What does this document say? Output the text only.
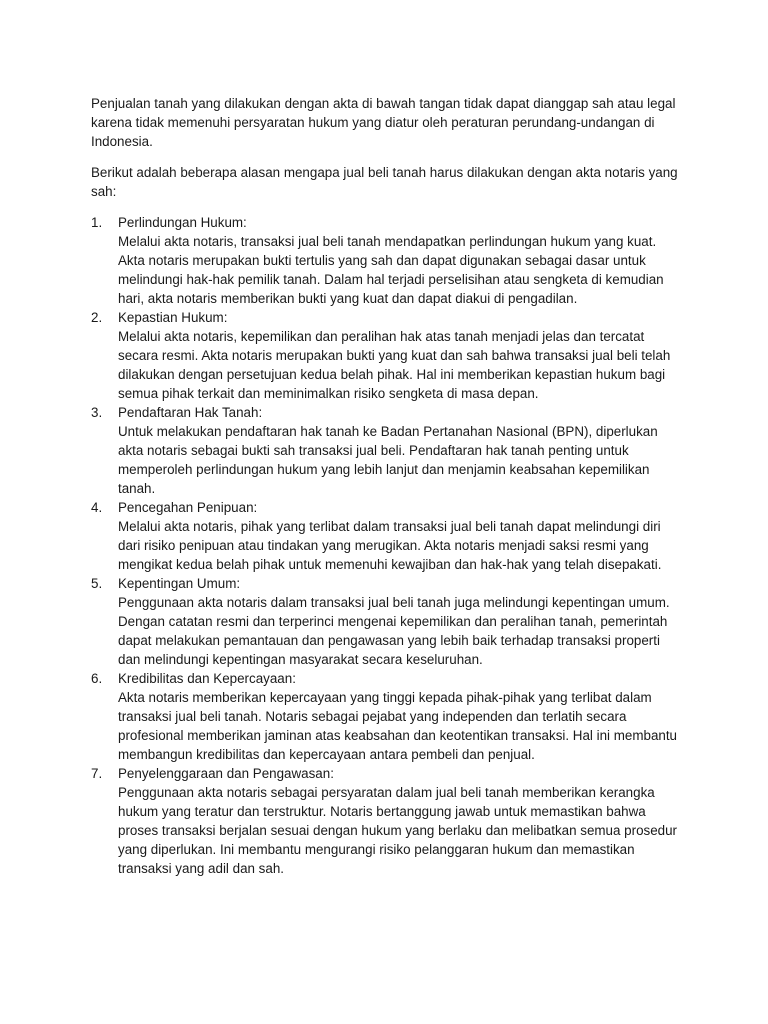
Penjualan tanah yang dilakukan dengan akta di bawah tangan tidak dapat dianggap sah atau legal karena tidak memenuhi persyaratan hukum yang diatur oleh peraturan perundang-undangan di Indonesia.

Berikut adalah beberapa alasan mengapa jual beli tanah harus dilakukan dengan akta notaris yang sah:

1. Perlindungan Hukum:
Melalui akta notaris, transaksi jual beli tanah mendapatkan perlindungan hukum yang kuat. Akta notaris merupakan bukti tertulis yang sah dan dapat digunakan sebagai dasar untuk melindungi hak-hak pemilik tanah. Dalam hal terjadi perselisihan atau sengketa di kemudian hari, akta notaris memberikan bukti yang kuat dan dapat diakui di pengadilan.
2. Kepastian Hukum:
Melalui akta notaris, kepemilikan dan peralihan hak atas tanah menjadi jelas dan tercatat secara resmi. Akta notaris merupakan bukti yang kuat dan sah bahwa transaksi jual beli telah dilakukan dengan persetujuan kedua belah pihak. Hal ini memberikan kepastian hukum bagi semua pihak terkait dan meminimalkan risiko sengketa di masa depan.
3. Pendaftaran Hak Tanah:
Untuk melakukan pendaftaran hak tanah ke Badan Pertanahan Nasional (BPN), diperlukan akta notaris sebagai bukti sah transaksi jual beli. Pendaftaran hak tanah penting untuk memperoleh perlindungan hukum yang lebih lanjut dan menjamin keabsahan kepemilikan tanah.
4. Pencegahan Penipuan:
Melalui akta notaris, pihak yang terlibat dalam transaksi jual beli tanah dapat melindungi diri dari risiko penipuan atau tindakan yang merugikan. Akta notaris menjadi saksi resmi yang mengikat kedua belah pihak untuk memenuhi kewajiban dan hak-hak yang telah disepakati.
5. Kepentingan Umum:
Penggunaan akta notaris dalam transaksi jual beli tanah juga melindungi kepentingan umum. Dengan catatan resmi dan terperinci mengenai kepemilikan dan peralihan tanah, pemerintah dapat melakukan pemantauan dan pengawasan yang lebih baik terhadap transaksi properti dan melindungi kepentingan masyarakat secara keseluruhan.
6. Kredibilitas dan Kepercayaan:
Akta notaris memberikan kepercayaan yang tinggi kepada pihak-pihak yang terlibat dalam transaksi jual beli tanah. Notaris sebagai pejabat yang independen dan terlatih secara profesional memberikan jaminan atas keabsahan dan keotentikan transaksi. Hal ini membantu membangun kredibilitas dan kepercayaan antara pembeli dan penjual.
7. Penyelenggaraan dan Pengawasan:
Penggunaan akta notaris sebagai persyaratan dalam jual beli tanah memberikan kerangka hukum yang teratur dan terstruktur. Notaris bertanggung jawab untuk memastikan bahwa proses transaksi berjalan sesuai dengan hukum yang berlaku dan melibatkan semua prosedur yang diperlukan. Ini membantu mengurangi risiko pelanggaran hukum dan memastikan transaksi yang adil dan sah.
